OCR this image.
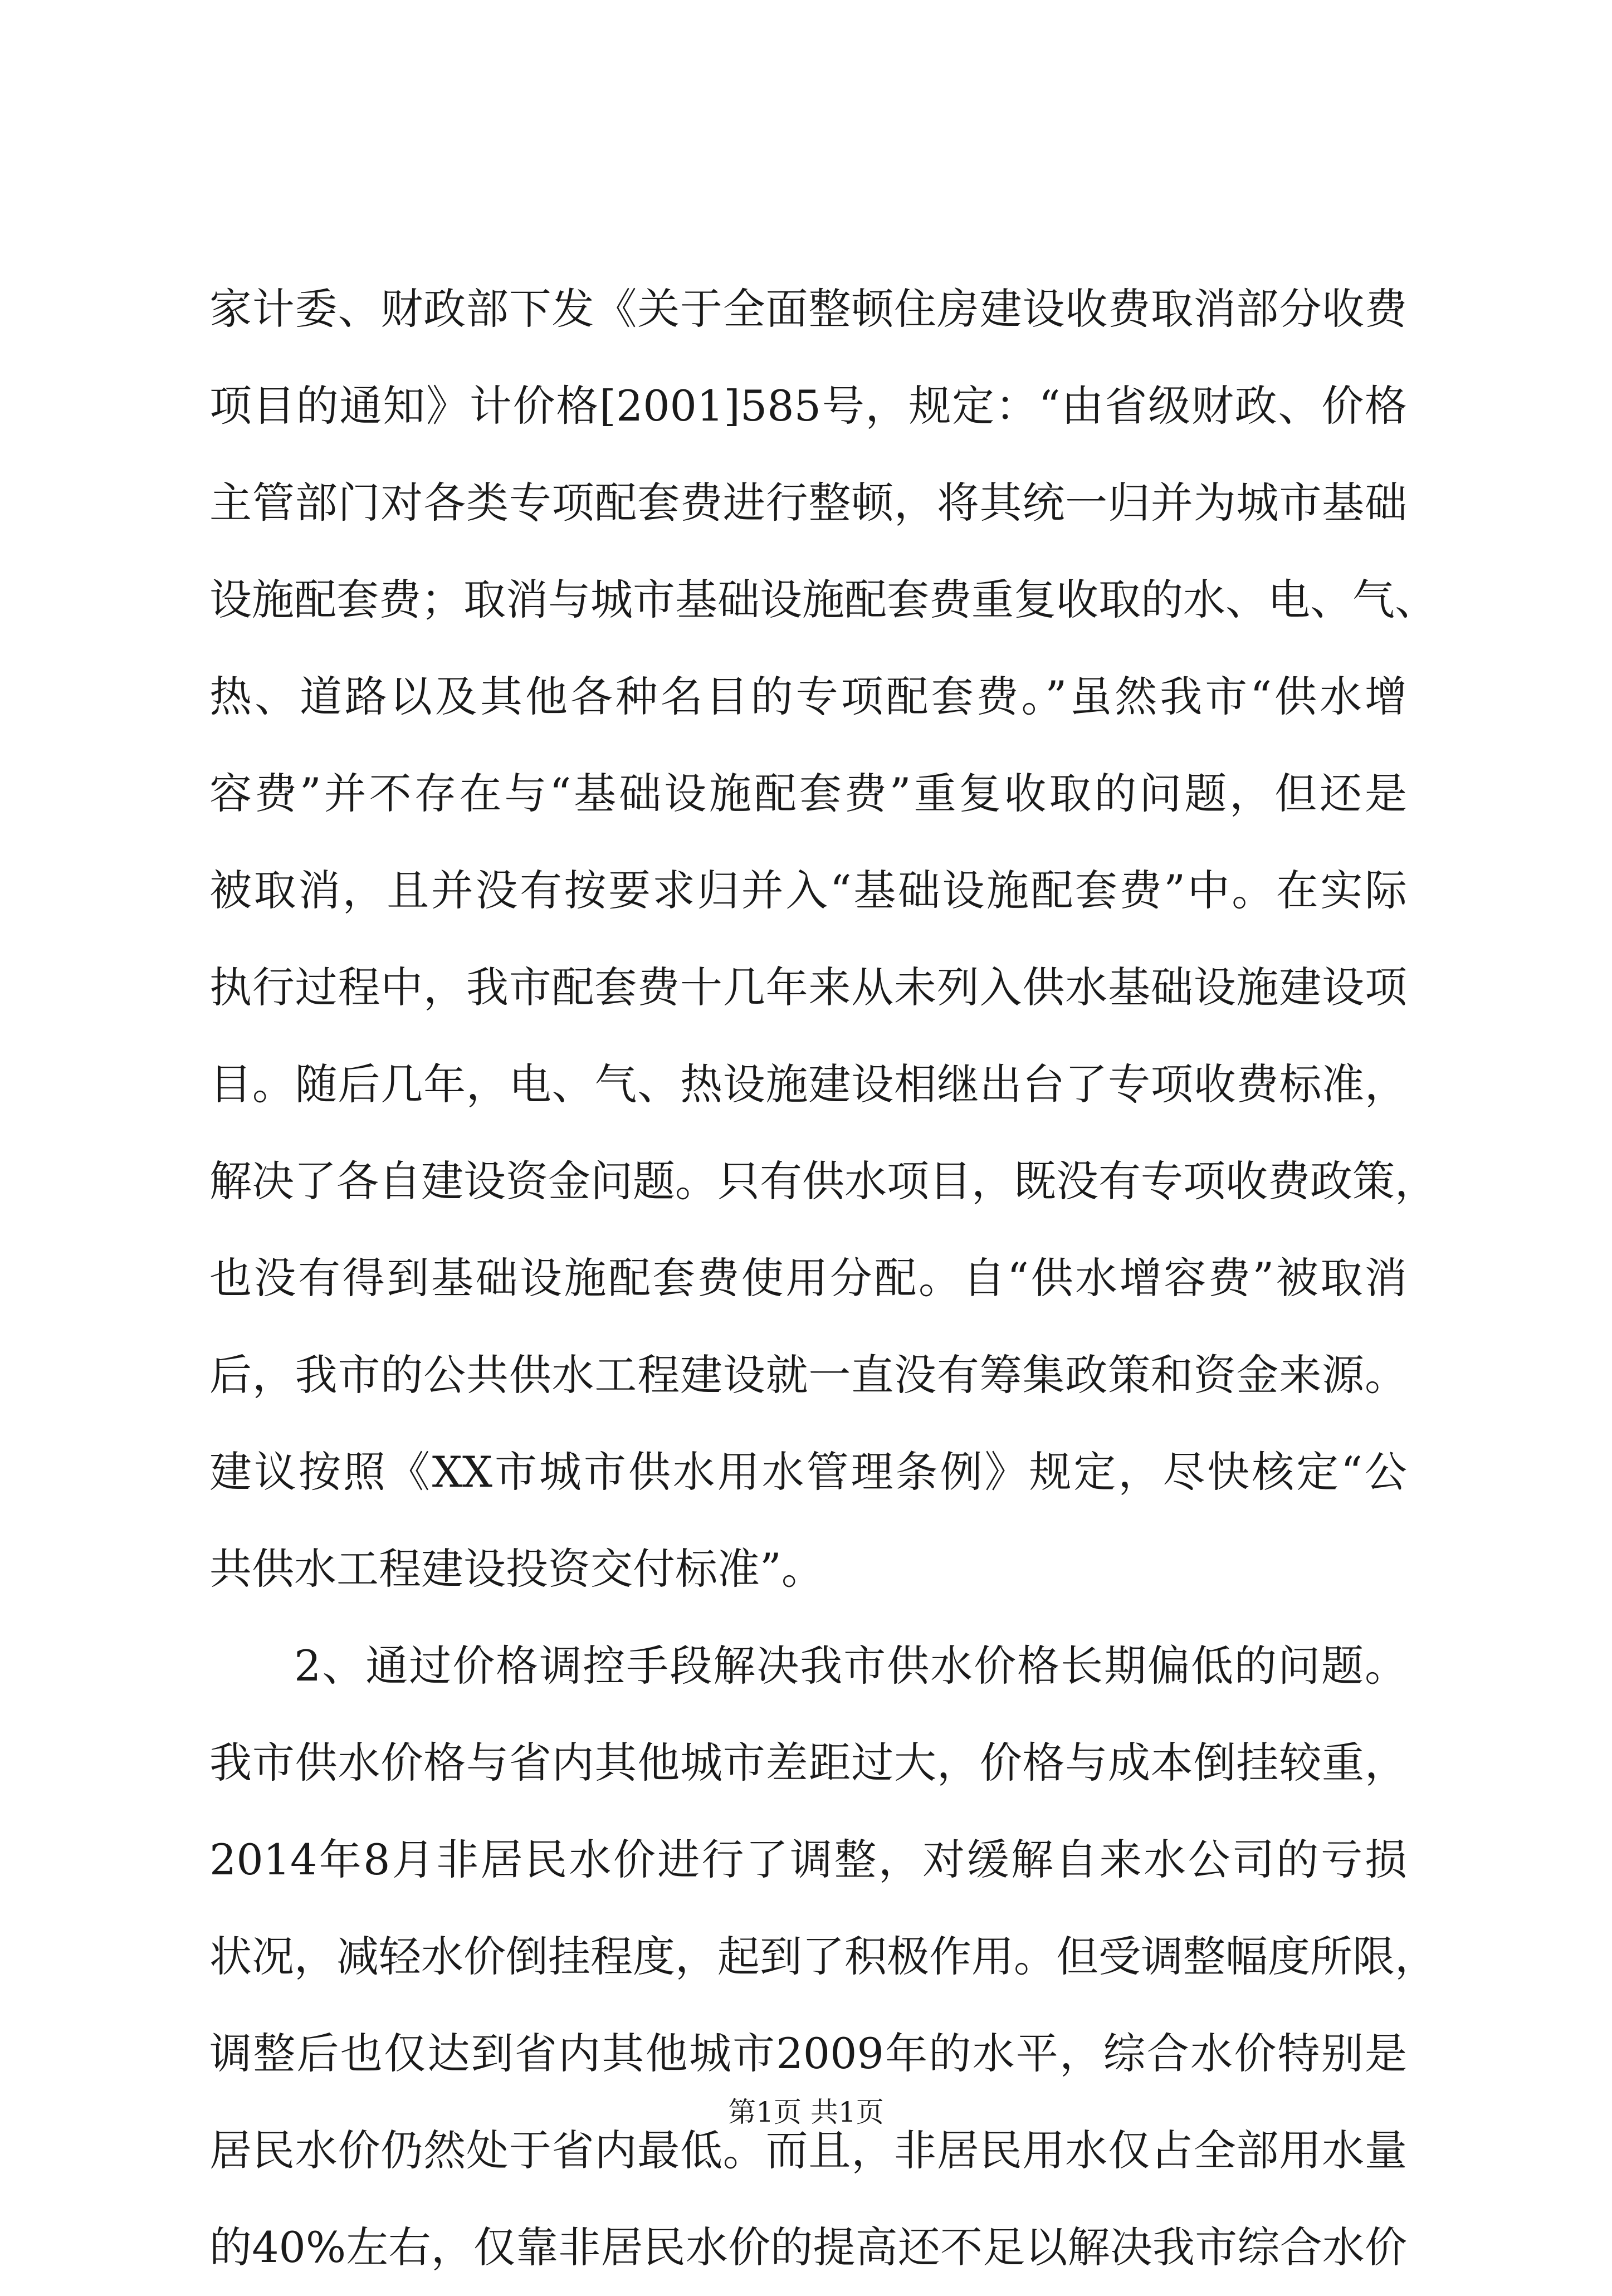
家计委、财政部下发《关于全面整顿住房建设收费取消部分收费
项目的通知》计价格[2001]585号，规定：“由省级财政、价格
主管部门对各类专项配套费进行整顿，将其统一归并为城市基础
设施配套费；取消与城市基础设施配套费重复收取的水、电、气、
热、道路以及其他各种名目的专项配套费。”虽然我市“供水增
容费”并不存在与“基础设施配套费”重复收取的问题，但还是
被取消，且并没有按要求归并入“基础设施配套费”中。在实际
执行过程中，我市配套费十几年来从未列入供水基础设施建设项
目。随后几年，电、气、热设施建设相继出台了专项收费标准，
解决了各自建设资金问题。只有供水项目，既没有专项收费政策，
也没有得到基础设施配套费使用分配。自“供水增容费”被取消
后，我市的公共供水工程建设就一直没有筹集政策和资金来源。
建议按照《XX市城市供水用水管理条例》规定，尽快核定“公
共供水工程建设投资交付标准”。
2、通过价格调控手段解决我市供水价格长期偏低的问题。
我市供水价格与省内其他城市差距过大，价格与成本倒挂较重，
2014年8月非居民水价进行了调整，对缓解自来水公司的亏损
状况，减轻水价倒挂程度，起到了积极作用。但受调整幅度所限，
调整后也仅达到省内其他城市2009年的水平，综合水价特别是
居民水价仍然处于省内最低。而且，非居民用水仅占全部用水量
的40%左右，仅靠非居民水价的提高还不足以解决我市综合水价
第1页 共1页
